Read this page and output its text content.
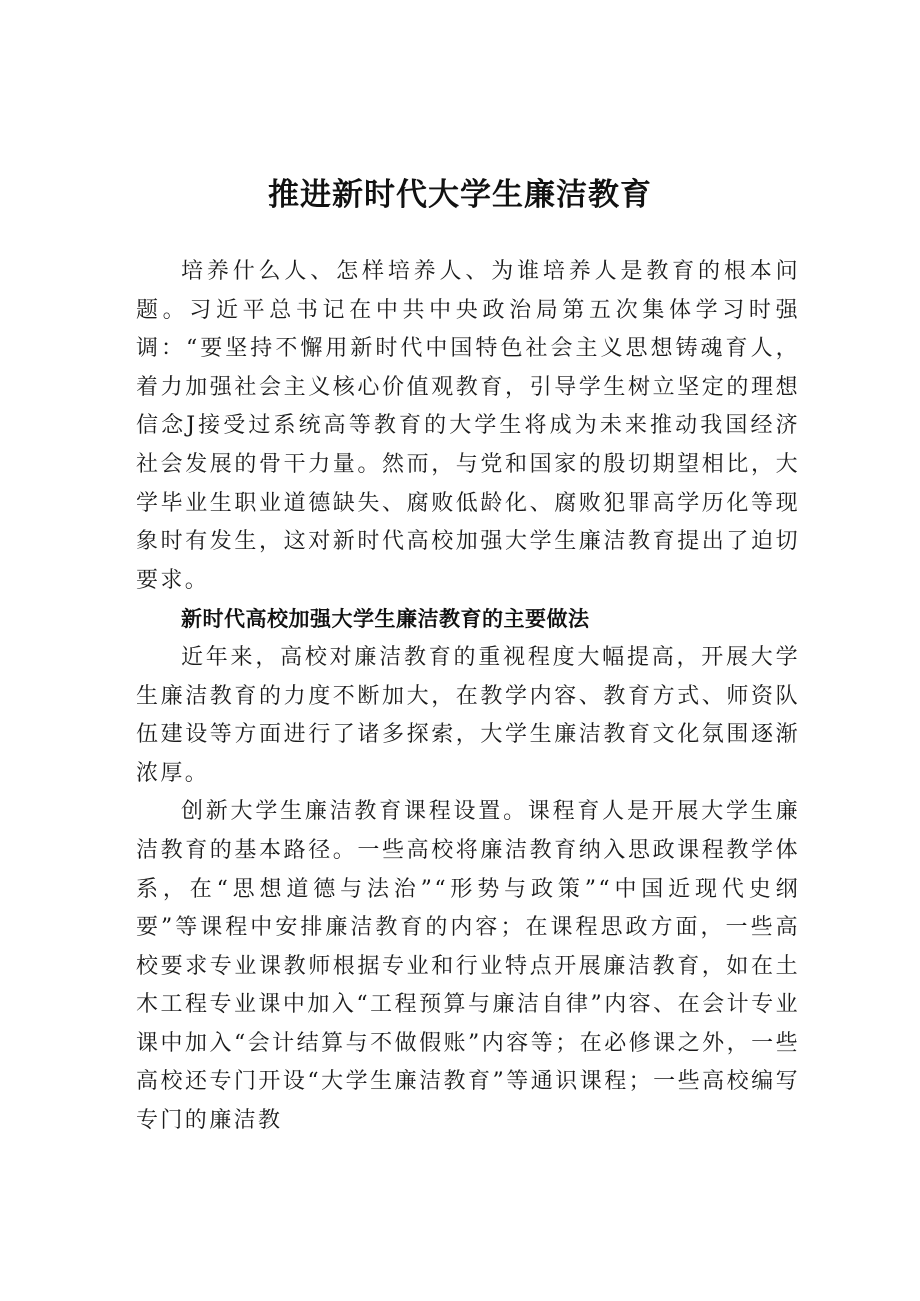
推进新时代大学生廉洁教育

培养什么人、怎样培养人、为谁培养人是教育的根本问题。习近平总书记在中共中央政治局第五次集体学习时强调：“要坚持不懈用新时代中国特色社会主义思想铸魂育人，着力加强社会主义核心价值观教育，引导学生树立坚定的理想信念J接受过系统高等教育的大学生将成为未来推动我国经济社会发展的骨干力量。然而，与党和国家的殷切期望相比，大学毕业生职业道德缺失、腐败低龄化、腐败犯罪高学历化等现象时有发生，这对新时代高校加强大学生廉洁教育提出了迫切要求。

新时代高校加强大学生廉洁教育的主要做法

近年来，高校对廉洁教育的重视程度大幅提高，开展大学生廉洁教育的力度不断加大，在教学内容、教育方式、师资队伍建设等方面进行了诸多探索，大学生廉洁教育文化氛围逐渐浓厚。

创新大学生廉洁教育课程设置。课程育人是开展大学生廉洁教育的基本路径。一些高校将廉洁教育纳入思政课程教学体系，在“思想道德与法治”“形势与政策”“中国近现代史纲要”等课程中安排廉洁教育的内容；在课程思政方面，一些高校要求专业课教师根据专业和行业特点开展廉洁教育，如在土木工程专业课中加入“工程预算与廉洁自律”内容、在会计专业课中加入“会计结算与不做假账”内容等；在必修课之外，一些高校还专门开设“大学生廉洁教育”等通识课程；一些高校编写专门的廉洁教
